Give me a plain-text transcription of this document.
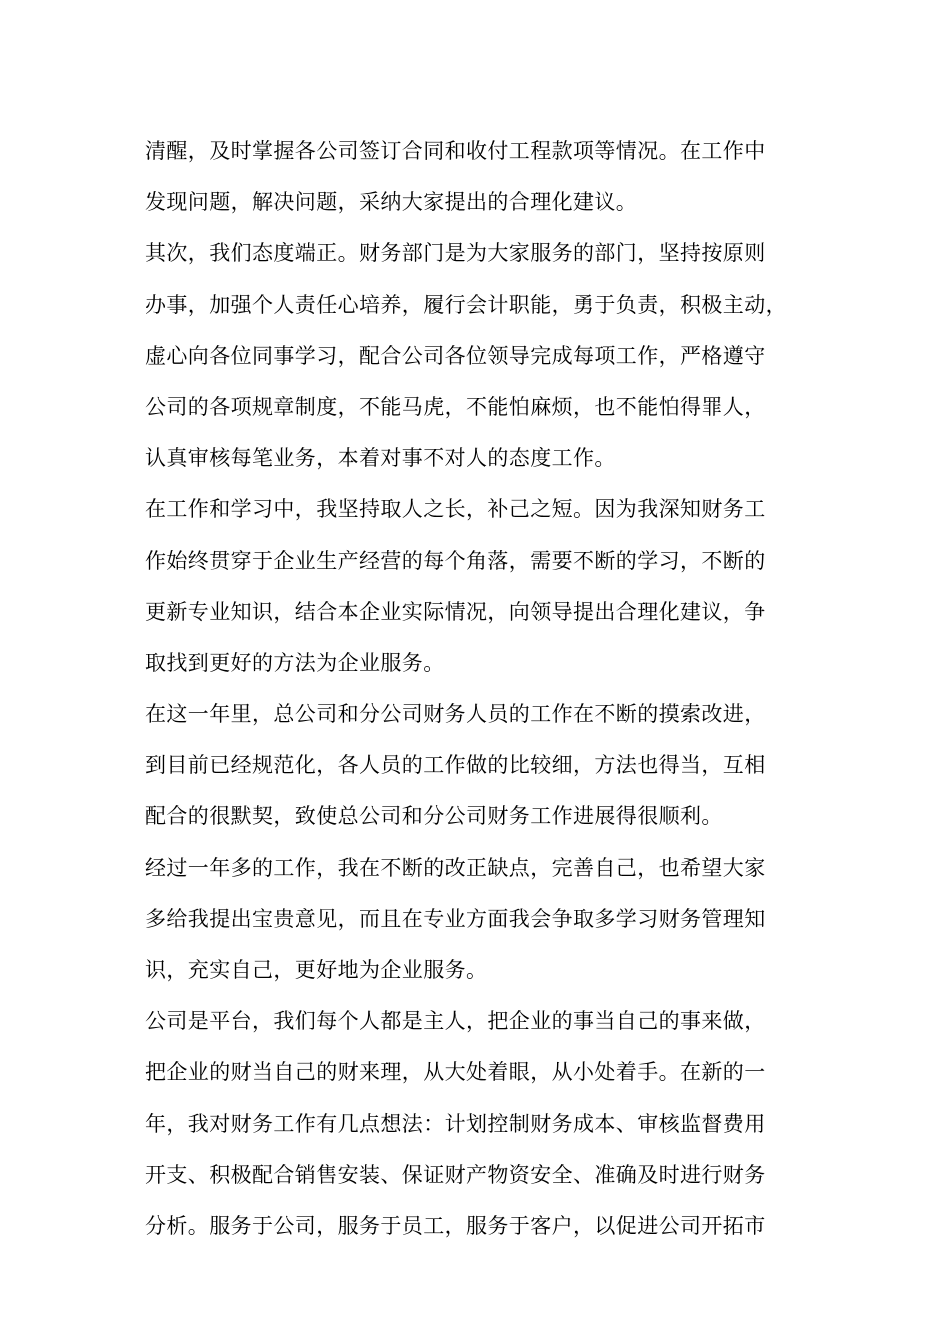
清醒，及时掌握各公司签订合同和收付工程款项等情况。在工作中
发现问题，解决问题，采纳大家提出的合理化建议。
其次，我们态度端正。财务部门是为大家服务的部门，坚持按原则
办事，加强个人责任心培养，履行会计职能，勇于负责，积极主动，
虚心向各位同事学习，配合公司各位领导完成每项工作，严格遵守
公司的各项规章制度，不能马虎，不能怕麻烦，也不能怕得罪人，
认真审核每笔业务，本着对事不对人的态度工作。
在工作和学习中，我坚持取人之长，补己之短。因为我深知财务工
作始终贯穿于企业生产经营的每个角落，需要不断的学习，不断的
更新专业知识，结合本企业实际情况，向领导提出合理化建议，争
取找到更好的方法为企业服务。
在这一年里，总公司和分公司财务人员的工作在不断的摸索改进，
到目前已经规范化，各人员的工作做的比较细，方法也得当，互相
配合的很默契，致使总公司和分公司财务工作进展得很顺利。
经过一年多的工作，我在不断的改正缺点，完善自己，也希望大家
多给我提出宝贵意见，而且在专业方面我会争取多学习财务管理知
识，充实自己，更好地为企业服务。
公司是平台，我们每个人都是主人，把企业的事当自己的事来做，
把企业的财当自己的财来理，从大处着眼，从小处着手。在新的一
年，我对财务工作有几点想法：计划控制财务成本、审核监督费用
开支、积极配合销售安装、保证财产物资安全、准确及时进行财务
分析。服务于公司，服务于员工，服务于客户，以促进公司开拓市
